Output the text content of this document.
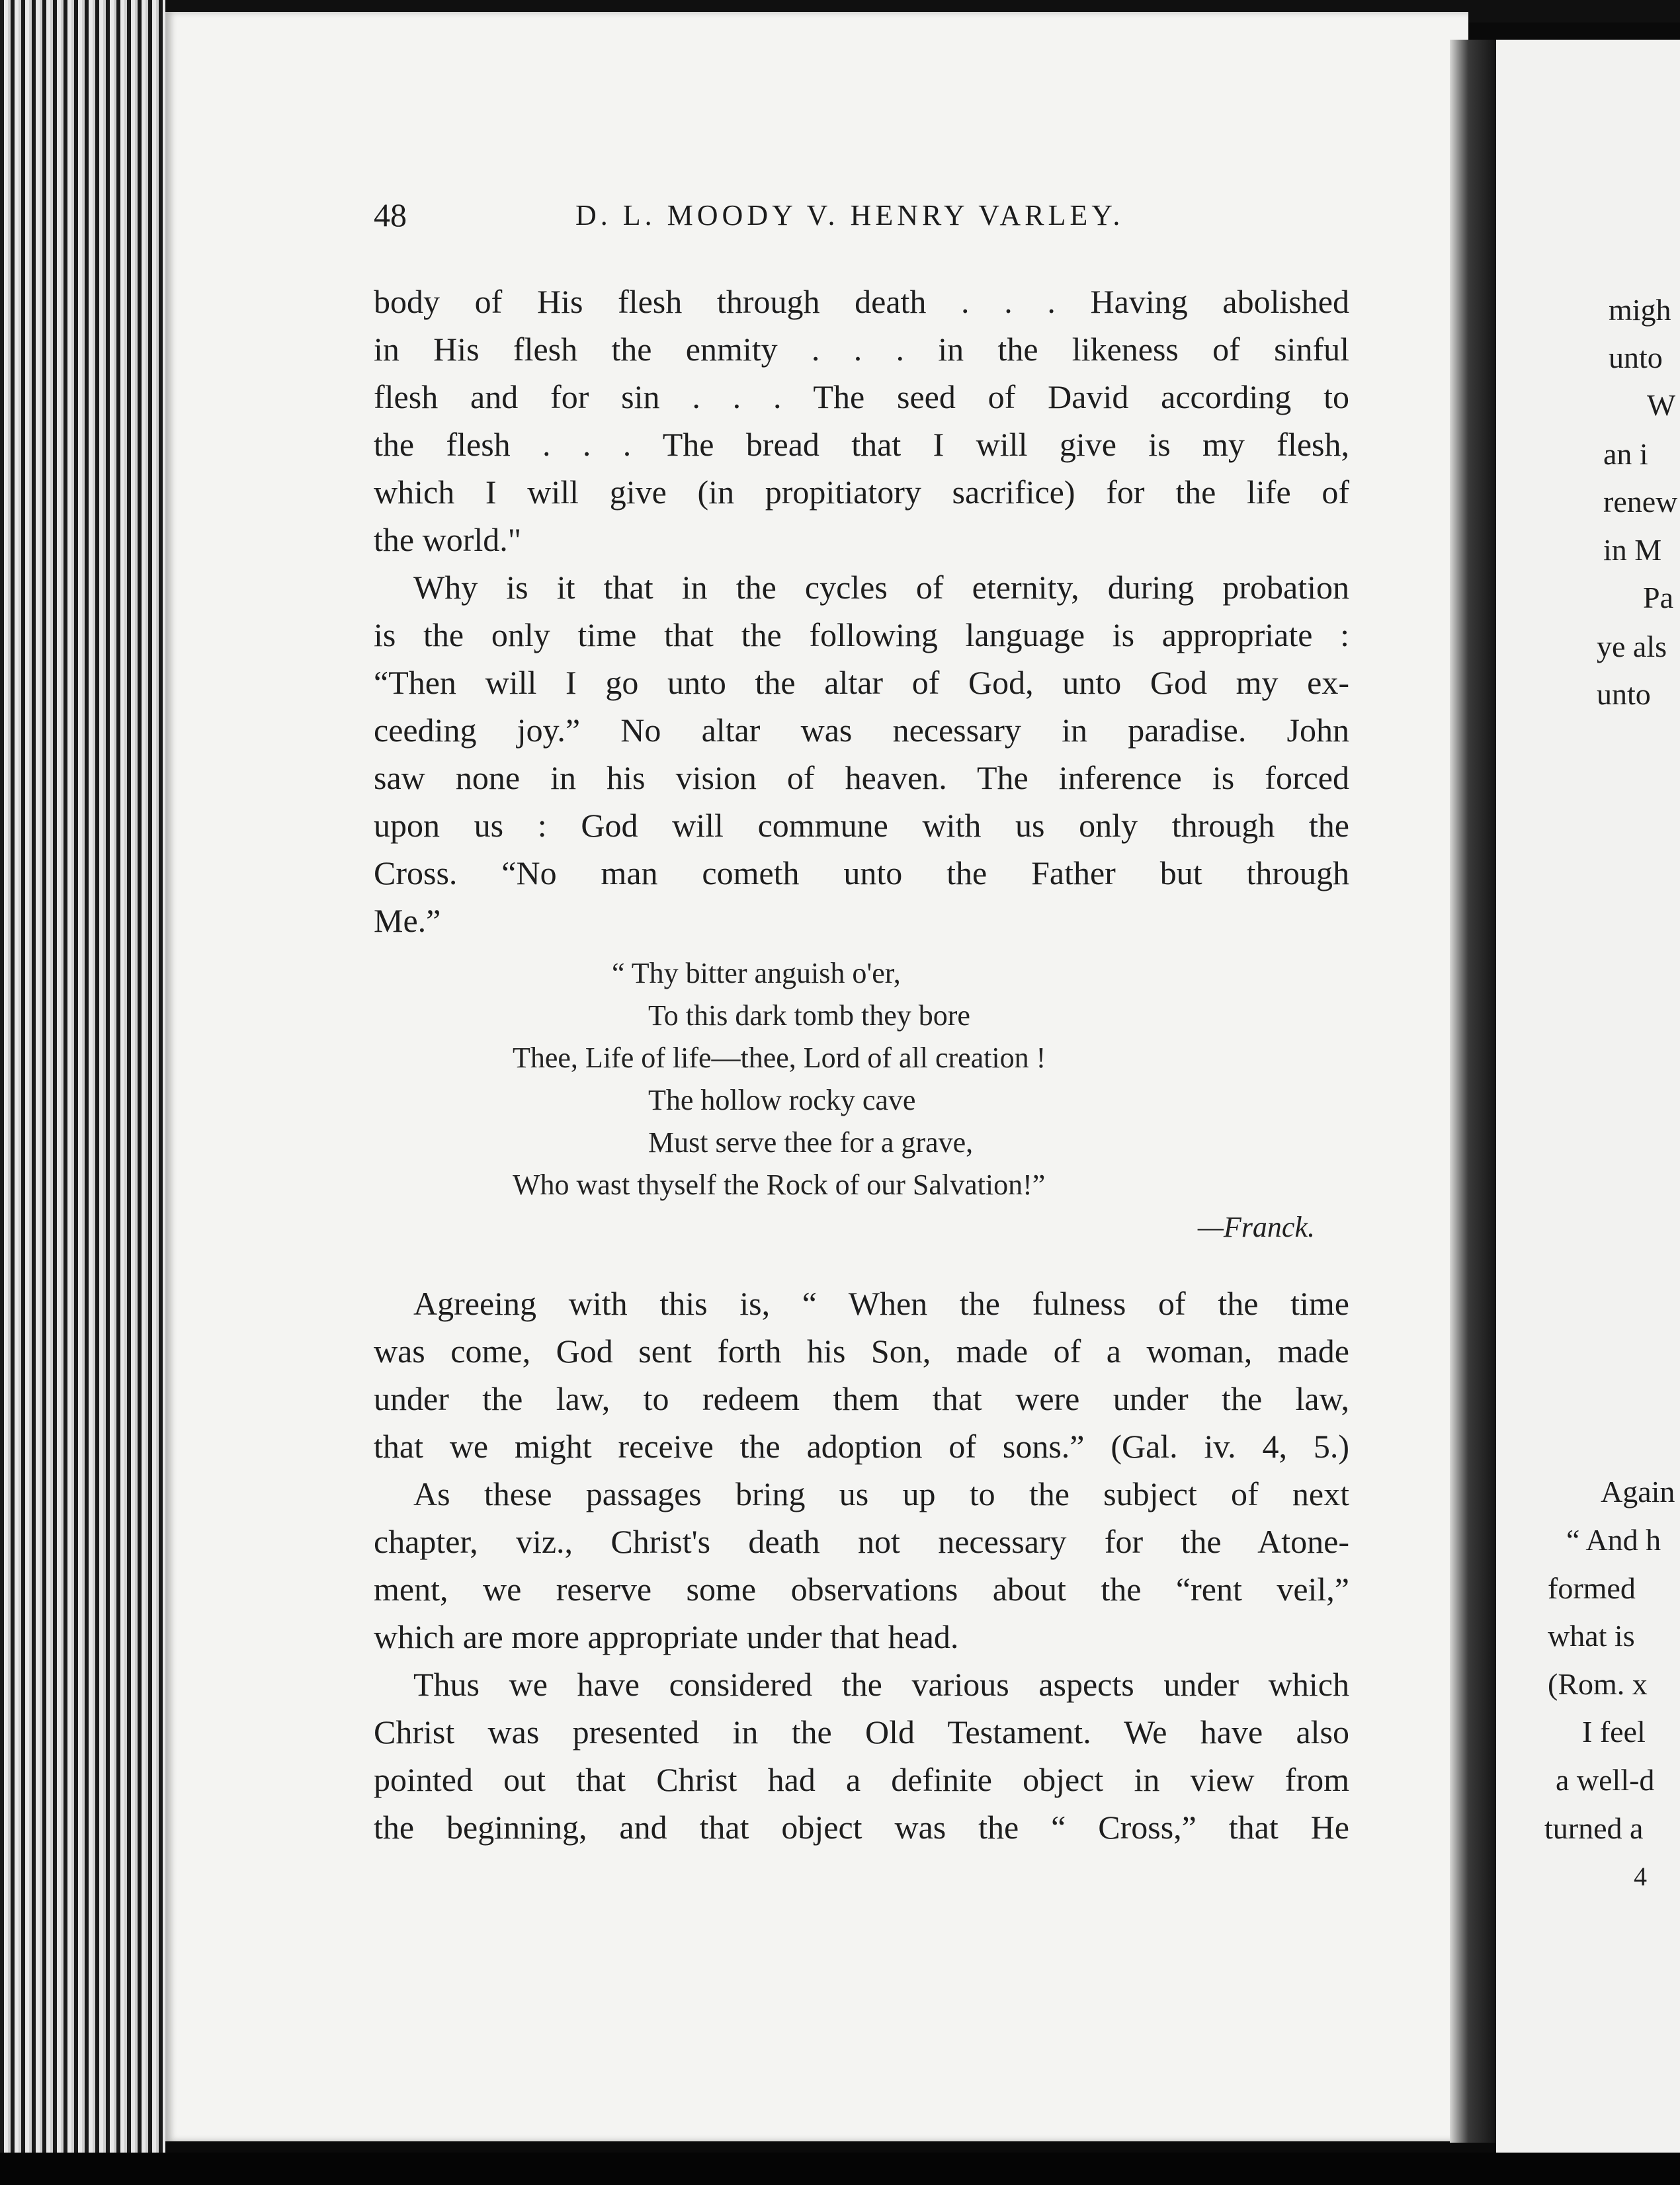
48	D. L. MOODY V. HENRY VARLEY.
body of His flesh through death . . . Having abolished
in His flesh the enmity . . . in the likeness of sinful
flesh and for sin . . . The seed of David according to
the flesh . . . The bread that I will give is my flesh,
which I will give (in propitiatory sacrifice) for the life of
the world."
Why is it that in the cycles of eternity, during probation
is the only time that the following language is appropriate :
“Then will I go unto the altar of God, unto God my ex-
ceeding joy.” No altar was necessary in paradise. John
saw none in his vision of heaven. The inference is forced
upon us : God will commune with us only through the
Cross. “No man cometh unto the Father but through
Me.”
“ Thy bitter anguish o'er,
To this dark tomb they bore
Thee, Life of life—thee, Lord of all creation !
The hollow rocky cave
Must serve thee for a grave,
Who wast thyself the Rock of our Salvation!”
—Franck.
Agreeing with this is, “ When the fulness of the time
was come, God sent forth his Son, made of a woman, made
under the law, to redeem them that were under the law,
that we might receive the adoption of sons.” (Gal. iv. 4, 5.)
As these passages bring us up to the subject of next
chapter, viz., Christ's death not necessary for the Atone-
ment, we reserve some observations about the “rent veil,”
which are more appropriate under that head.
Thus we have considered the various aspects under which
Christ was presented in the Old Testament. We have also
pointed out that Christ had a definite object in view from
the beginning, and that object was the “ Cross,” that He
migh
unto
W
an i
renew
in M
Pa
ye als
unto
Again
“ And h
formed
what is
(Rom. x
I feel
a well-d
turned a
4
